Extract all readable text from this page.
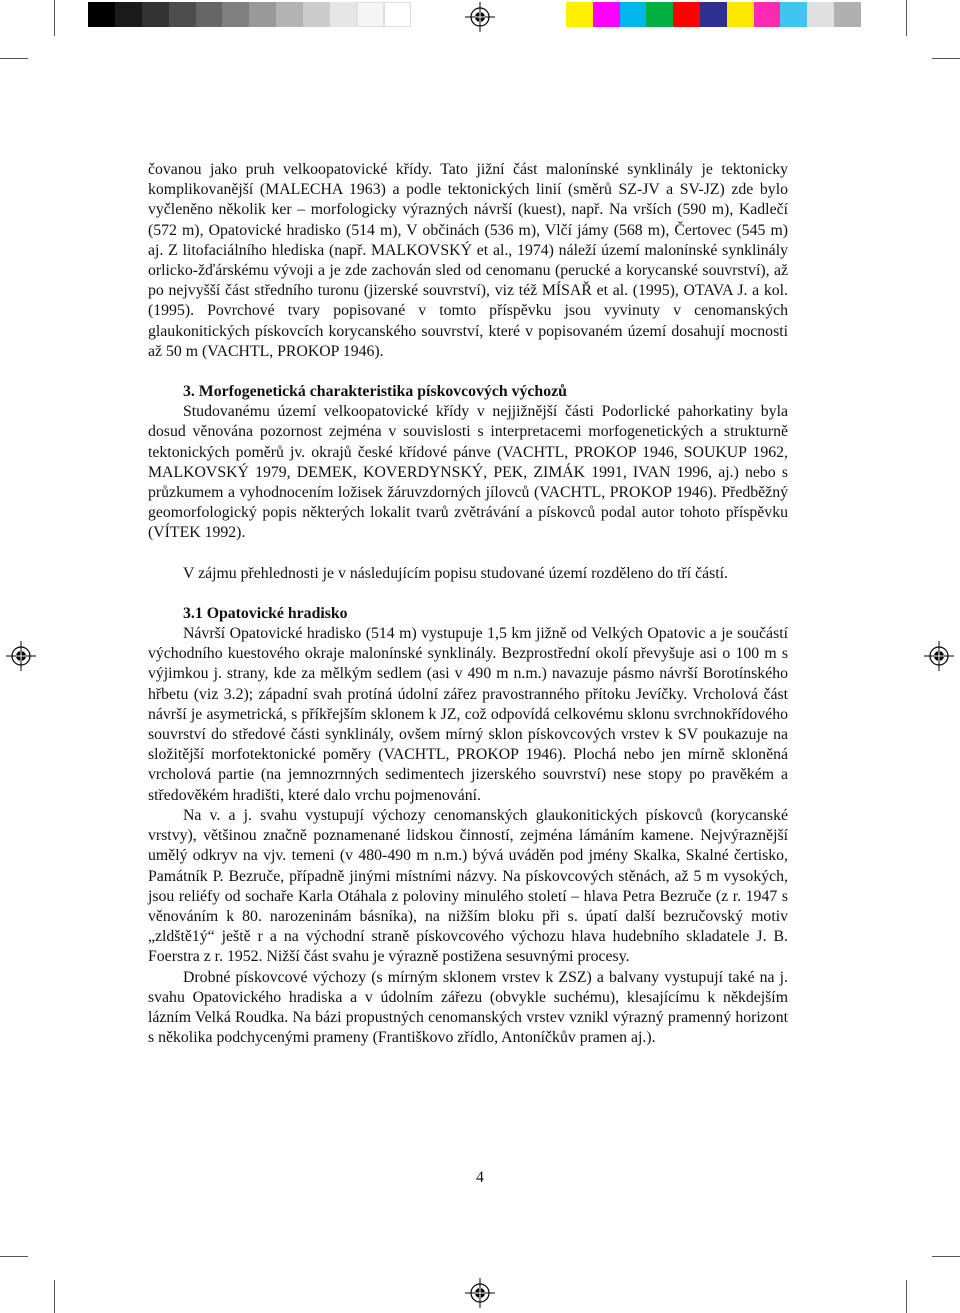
čovanou jako pruh velkoopatovické křídy. Tato jižní část malonínské synklinály je tektonicky komplikovanější (MALECHA 1963) a podle tektonických linií (směrů SZ-JV a SV-JZ) zde bylo vyčleněno několik ker – morfologicky výrazných návrší (kuest), např. Na vrších (590 m), Kadlečí (572 m), Opatovické hradisko (514 m), V občinách (536 m), Vlčí jámy (568 m), Čertovec (545 m) aj. Z litofaciálního hlediska (např. MALKOVSKÝ et al., 1974) náleží území malonínské synklinály orlicko-žďárskému vývoji a je zde zachován sled od cenomanu (perucké a korycanské souvrství), až po nejvyšší část středního turonu (jizerské souvrství), viz též MÍSAŘ et al. (1995), OTAVA J. a kol. (1995). Povrchové tvary popisované v tomto příspěvku jsou vyvinuty v cenomanských glaukonitických pískovcích korycanského souvrství, které v popisovaném území dosahují mocnosti až 50 m (VACHTL, PROKOP 1946).

3. Morfogenetická charakteristika pískovcových výchozů

Studovanému území velkoopatovické křídy v nejjižnější části Podorlické pahorkatiny byla dosud věnována pozornost zejména v souvislosti s interpretacemi morfogenetických a strukturně tektonických poměrů jv. okrajů české křídové pánve (VACHTL, PROKOP 1946, SOUKUP 1962, MALKOVSKÝ 1979, DEMEK, KOVERDYNSKÝ, PEK, ZIMÁK 1991, IVAN 1996, aj.) nebo s průzkumem a vyhodnocením ložisek žáruvzdorných jílovců (VACHTL, PROKOP 1946). Předběžný geomorfologický popis některých lokalit tvarů zvětrávání a pískovců podal autor tohoto příspěvku (VÍTEK 1992).

V zájmu přehlednosti je v následujícím popisu studované území rozděleno do tří částí.

3.1 Opatovické hradisko

Návrší Opatovické hradisko (514 m) vystupuje 1,5 km jižně od Velkých Opatovic a je součástí východního kuestového okraje malonínské synklinály. Bezprostřední okolí převyšuje asi o 100 m s výjimkou j. strany, kde za mělkým sedlem (asi v 490 m n.m.) navazuje pásmo návrší Borotínského hřbetu (viz 3.2); západní svah protíná údolní zářez pravostranného přítoku Jevíčky. Vrcholová část návrší je asymetrická, s příkřejším sklonem k JZ, což odpovídá celkovému sklonu svrchnokřídového souvrství do středové části synklinály, ovšem mírný sklon pískovcových vrstev k SV poukazuje na složitější morfotektonické poměry (VACHTL, PROKOP 1946). Plochá nebo jen mírně skloněná vrcholová partie (na jemnozrnných sedimentech jizerského souvrství) nese stopy po pravěkém a středověkém hradišti, které dalo vrchu pojmenování.

Na v. a j. svahu vystupují výchozy cenomanských glaukonitických pískovců (korycanské vrstvy), většinou značně poznamenané lidskou činností, zejména lámáním kamene. Nejvýraznější umělý odkryv na vjv. temeni (v 480-490 m n.m.) bývá uváděn pod jmény Skalka, Skalné čertisko, Památník P. Bezruče, případně jinými místními názvy. Na pískovcových stěnách, až 5 m vysokých, jsou reliéfy od sochaře Karla Otáhala z poloviny minulého století – hlava Petra Bezruče (z r. 1947 s věnováním k 80. narozeninám básníka), na nižším bloku při s. úpatí další bezručovský motiv „zldště1ý“ ještě r a na východní straně pískovcového výchozu hlava hudebního skladatele J. B. Foerstra z r. 1952. Nižší část svahu je výrazně postižena sesuvnými procesy.

Drobné pískovcové výchozy (s mírným sklonem vrstev k ZSZ) a balvany vystupují také na j. svahu Opatovického hradiska a v údolním zářezu (obvykle suchému), klesajícímu k někdejším lázním Velká Roudka. Na bázi propustných cenomanských vrstev vznikl výrazný pramenný horizont s několika podchycenými prameny (Františkovo zřídlo, Antoníčkův pramen aj.).

4
